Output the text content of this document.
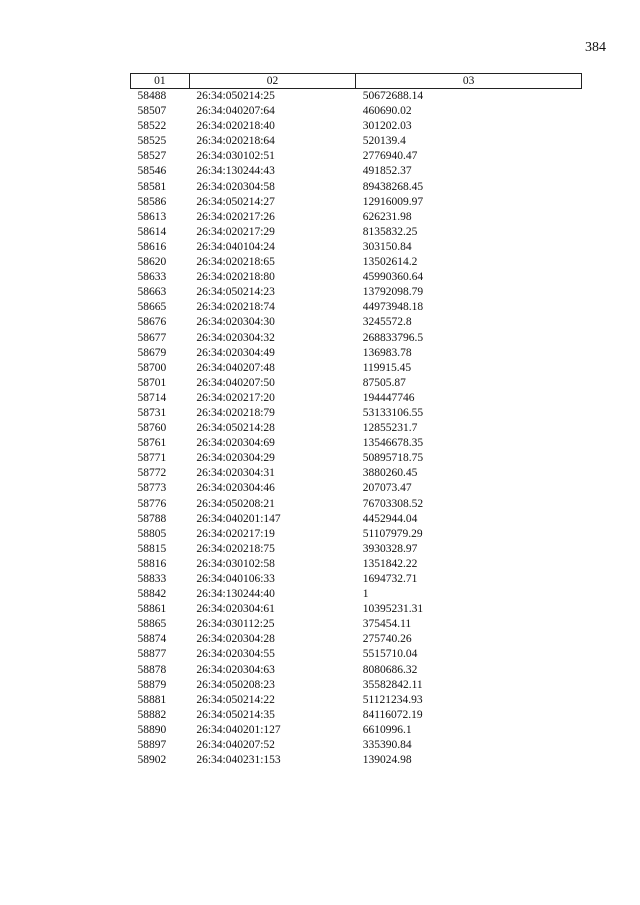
384
01	02	03
58488	26:34:050214:25	50672688.14
58507	26:34:040207:64	460690.02
58522	26:34:020218:40	301202.03
58525	26:34:020218:64	520139.4
58527	26:34:030102:51	2776940.47
58546	26:34:130244:43	491852.37
58581	26:34:020304:58	89438268.45
58586	26:34:050214:27	12916009.97
58613	26:34:020217:26	626231.98
58614	26:34:020217:29	8135832.25
58616	26:34:040104:24	303150.84
58620	26:34:020218:65	13502614.2
58633	26:34:020218:80	45990360.64
58663	26:34:050214:23	13792098.79
58665	26:34:020218:74	44973948.18
58676	26:34:020304:30	3245572.8
58677	26:34:020304:32	268833796.5
58679	26:34:020304:49	136983.78
58700	26:34:040207:48	119915.45
58701	26:34:040207:50	87505.87
58714	26:34:020217:20	194447746
58731	26:34:020218:79	53133106.55
58760	26:34:050214:28	12855231.7
58761	26:34:020304:69	13546678.35
58771	26:34:020304:29	50895718.75
58772	26:34:020304:31	3880260.45
58773	26:34:020304:46	207073.47
58776	26:34:050208:21	76703308.52
58788	26:34:040201:147	4452944.04
58805	26:34:020217:19	51107979.29
58815	26:34:020218:75	3930328.97
58816	26:34:030102:58	1351842.22
58833	26:34:040106:33	1694732.71
58842	26:34:130244:40	1
58861	26:34:020304:61	10395231.31
58865	26:34:030112:25	375454.11
58874	26:34:020304:28	275740.26
58877	26:34:020304:55	5515710.04
58878	26:34:020304:63	8080686.32
58879	26:34:050208:23	35582842.11
58881	26:34:050214:22	51121234.93
58882	26:34:050214:35	84116072.19
58890	26:34:040201:127	6610996.1
58897	26:34:040207:52	335390.84
58902	26:34:040231:153	139024.98
